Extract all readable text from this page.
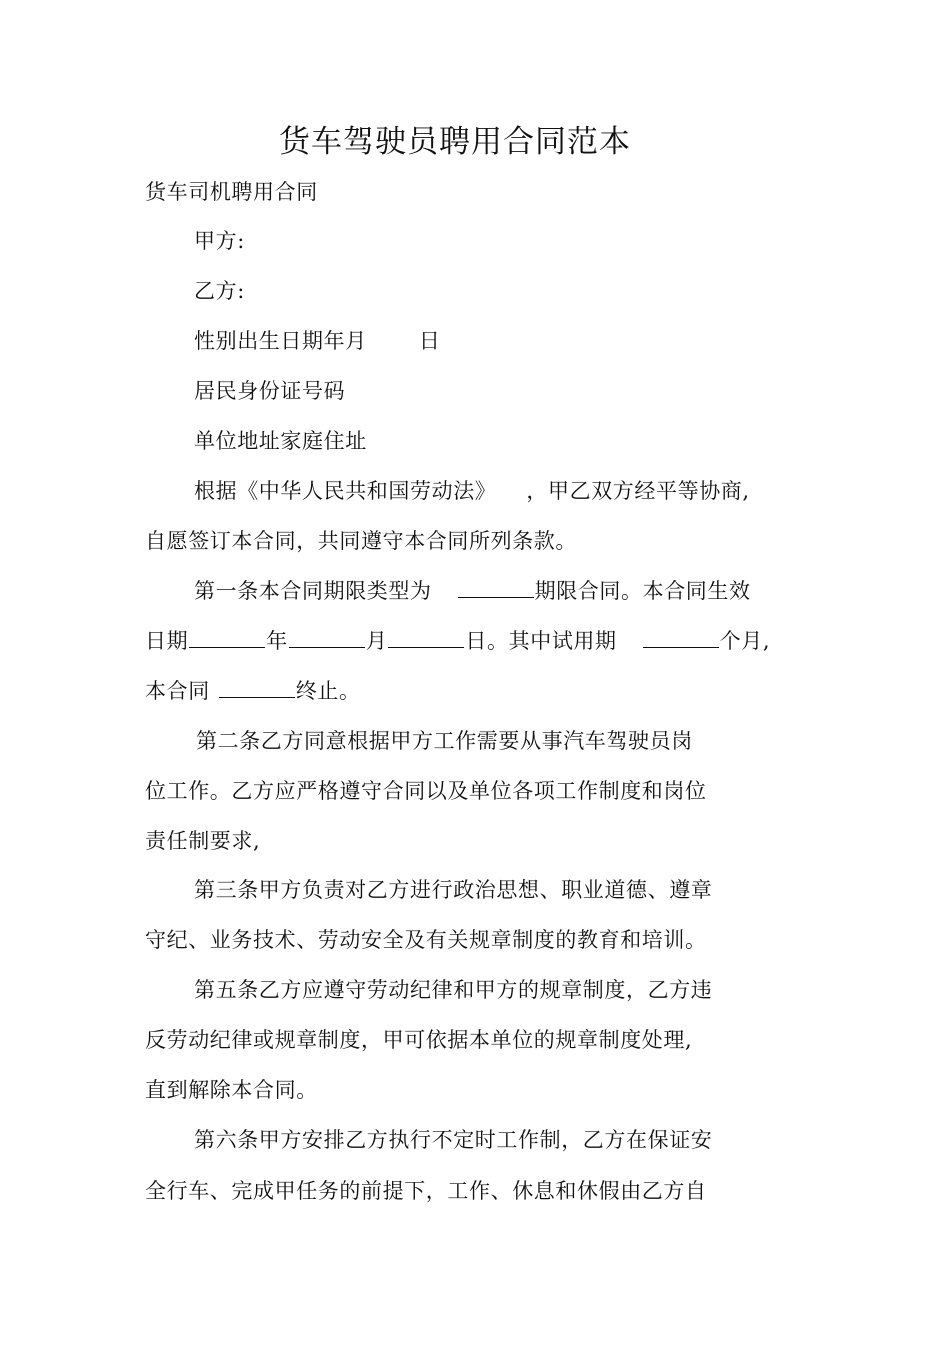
货车驾驶员聘用合同范本
货车司机聘用合同
甲方:
乙方:
性别出生日期年月 日
居民身份证号码
单位地址家庭住址
根据《中华人民共和国劳动法》 ，甲乙双方经平等协商,
自愿签订本合同，共同遵守本合同所列条款。
第一条本合同期限类型为	期限合同。本合同生效
日期	年	月	日。其中试用期	个月,
本合同	终止。
第二条乙方同意根据甲方工作需要从事汽车驾驶员岗
位工作。乙方应严格遵守合同以及单位各项工作制度和岗位
责任制要求,
第三条甲方负责对乙方进行政治思想、职业道德、遵章
守纪、业务技术、劳动安全及有关规章制度的教育和培训。
第五条乙方应遵守劳动纪律和甲方的规章制度，乙方违
反劳动纪律或规章制度，甲可依据本单位的规章制度处理,
直到解除本合同。
第六条甲方安排乙方执行不定时工作制，乙方在保证安
全行车、完成甲任务的前提下，工作、休息和休假由乙方自
